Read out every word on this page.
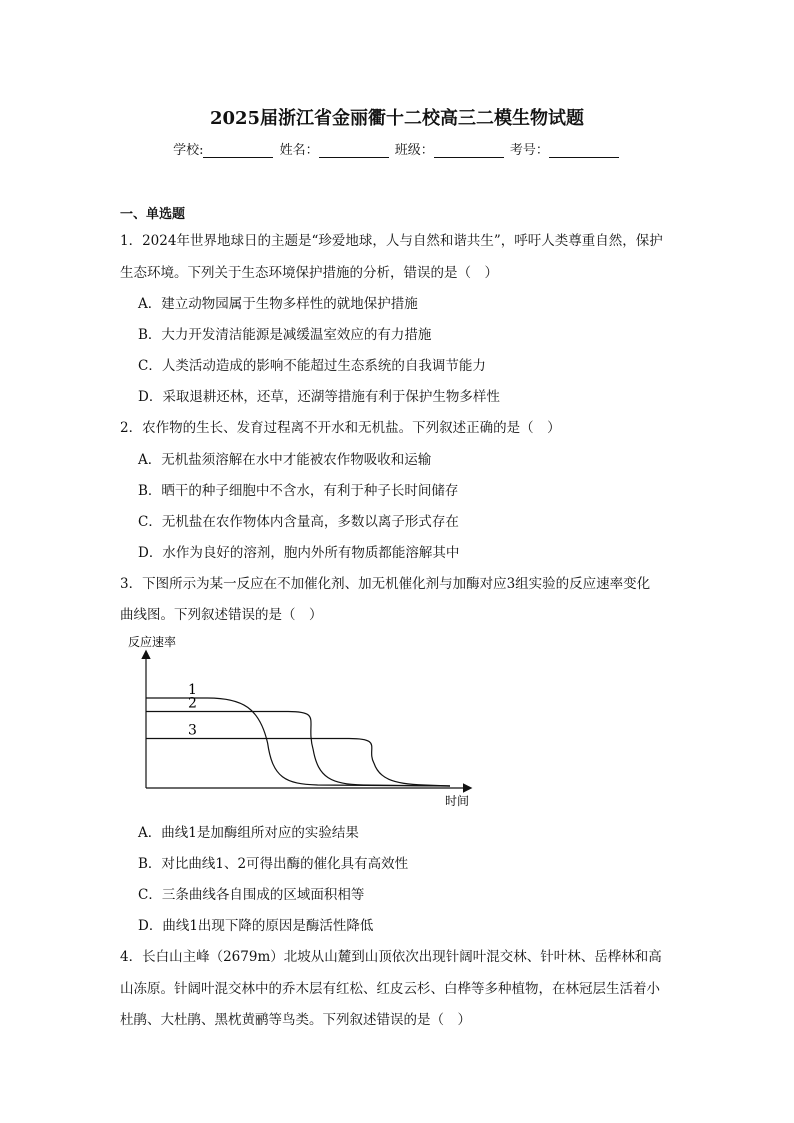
2025届浙江省金丽衢十二校高三二模生物试题
学校:	姓名：	班级：	考号：
一、单选题
1．2024年世界地球日的主题是“珍爱地球，人与自然和谐共生”，呼吁人类尊重自然，保护
生态环境。下列关于生态环境保护措施的分析，错误的是（　）
A．建立动物园属于生物多样性的就地保护措施
B．大力开发清洁能源是减缓温室效应的有力措施
C．人类活动造成的影响不能超过生态系统的自我调节能力
D．采取退耕还林，还草，还湖等措施有利于保护生物多样性
2．农作物的生长、发育过程离不开水和无机盐。下列叙述正确的是（　）
A．无机盐须溶解在水中才能被农作物吸收和运输
B．晒干的种子细胞中不含水，有利于种子长时间储存
C．无机盐在农作物体内含量高，多数以离子形式存在
D．水作为良好的溶剂，胞内外所有物质都能溶解其中
3．下图所示为某一反应在不加催化剂、加无机催化剂与加酶对应3组实验的反应速率变化
曲线图。下列叙述错误的是（　）
反应速率
时间
1
2
3
A．曲线1是加酶组所对应的实验结果
B．对比曲线1、2可得出酶的催化具有高效性
C．三条曲线各自围成的区域面积相等
D．曲线1出现下降的原因是酶活性降低
4．长白山主峰（2679m）北坡从山麓到山顶依次出现针阔叶混交林、针叶林、岳桦林和高
山冻原。针阔叶混交林中的乔木层有红松、红皮云杉、白桦等多种植物，在林冠层生活着小
杜鹃、大杜鹃、黑枕黄鹂等鸟类。下列叙述错误的是（　）
